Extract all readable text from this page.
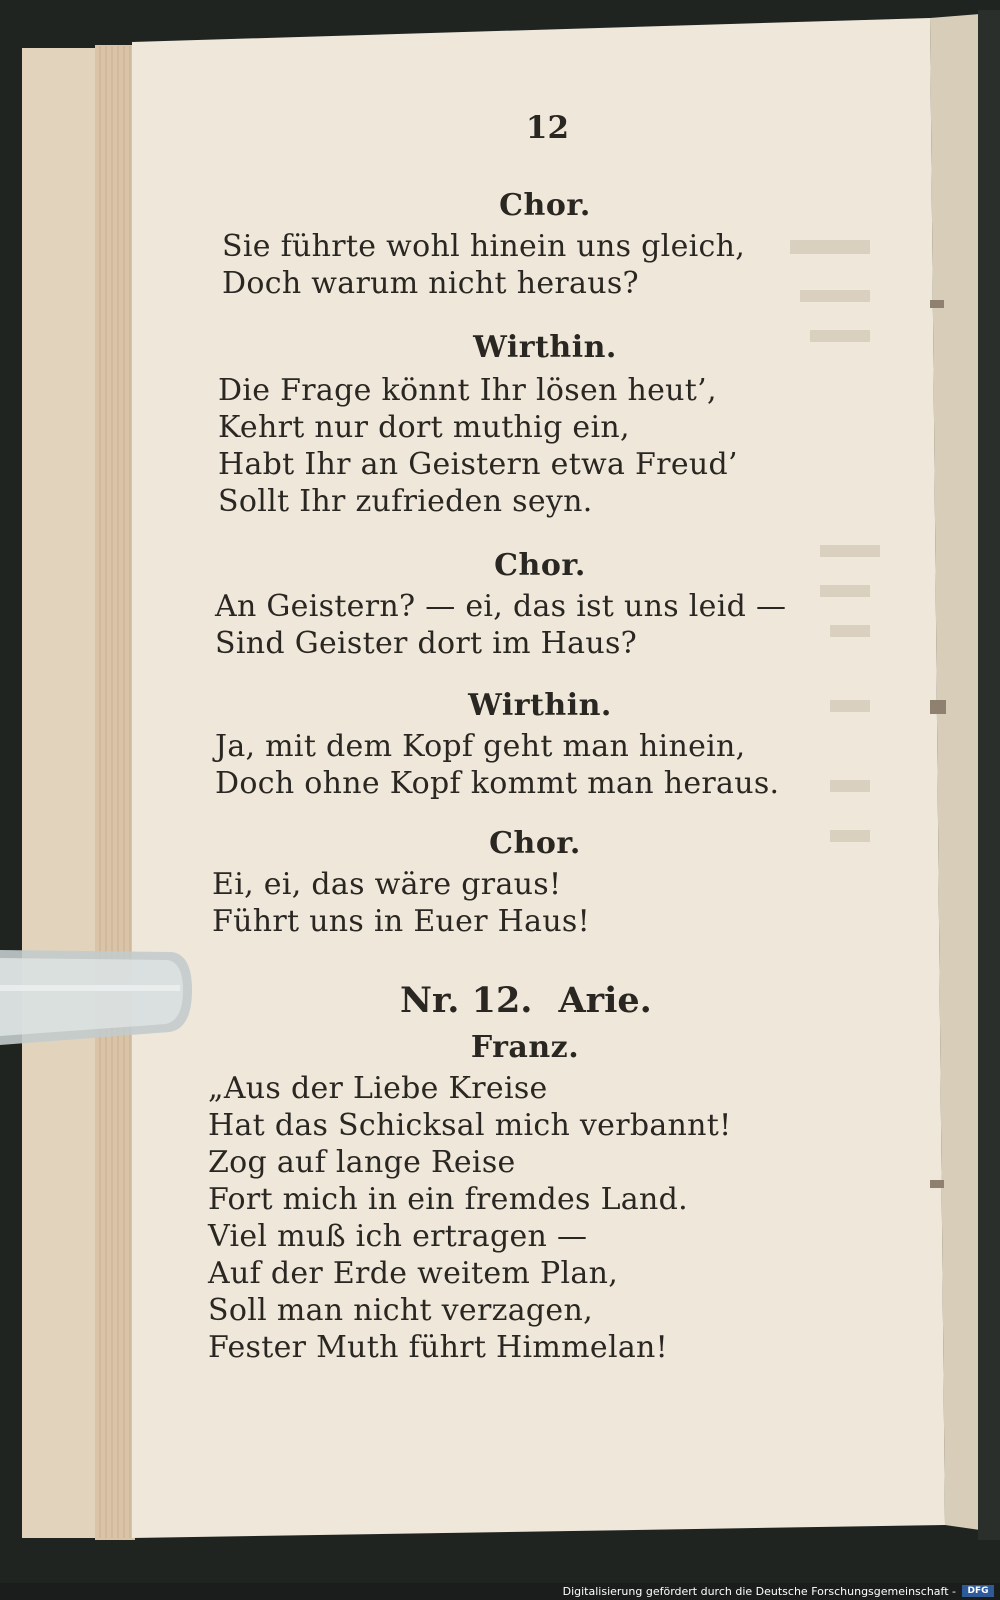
12
Chor.
Sie führte wohl hinein uns gleich,
Doch warum nicht heraus?
Wirthin.
Die Frage könnt Ihr lösen heut’,
Kehrt nur dort muthig ein,
Habt Ihr an Geistern etwa Freud’
Sollt Ihr zufrieden seyn.
Chor.
An Geistern? — ei, das ist uns leid —
Sind Geister dort im Haus?
Wirthin.
Ja, mit dem Kopf geht man hinein,
Doch ohne Kopf kommt man heraus.
Chor.
Ei, ei, das wäre graus!
Führt uns in Euer Haus!
Nr. 12. Arie.
Franz.
„Aus der Liebe Kreise
Hat das Schicksal mich verbannt!
Zog auf lange Reise
Fort mich in ein fremdes Land.
Viel muß ich ertragen —
Auf der Erde weitem Plan,
Soll man nicht verzagen,
Fester Muth führt Himmelan!
Digitalisierung gefördert durch die Deutsche Forschungsgemeinschaft -	DFG
